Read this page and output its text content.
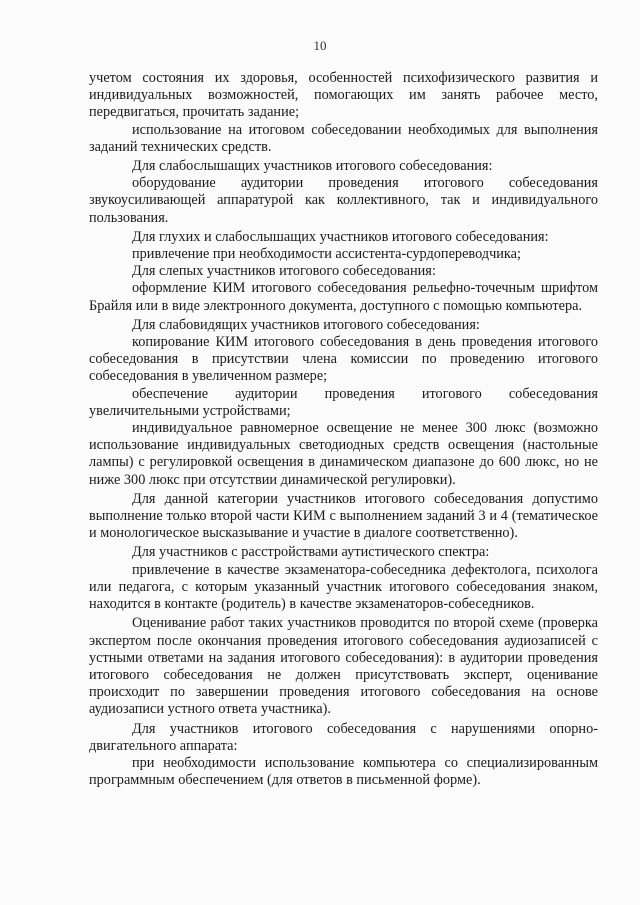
10

учетом состояния их здоровья, особенностей психофизического развития и индивидуальных возможностей, помогающих им занять рабочее место, передвигаться, прочитать задание;

использование на итоговом собеседовании необходимых для выполнения заданий технических средств.

Для слабослышащих участников итогового собеседования:

оборудование аудитории проведения итогового собеседования звукоусиливающей аппаратурой как коллективного, так и индивидуального пользования.

Для глухих и слабослышащих участников итогового собеседования:

привлечение при необходимости ассистента-сурдопереводчика;

Для слепых участников итогового собеседования:

оформление КИМ итогового собеседования рельефно-точечным шрифтом Брайля или в виде электронного документа, доступного с помощью компьютера.

Для слабовидящих участников итогового собеседования:

копирование КИМ итогового собеседования в день проведения итогового собеседования в присутствии члена комиссии по проведению итогового собеседования в увеличенном размере;

обеспечение аудитории проведения итогового собеседования увеличительными устройствами;

индивидуальное равномерное освещение не менее 300 люкс (возможно использование индивидуальных светодиодных средств освещения (настольные лампы) с регулировкой освещения в динамическом диапазоне до 600 люкс, но не ниже 300 люкс при отсутствии динамической регулировки).

Для данной категории участников итогового собеседования допустимо выполнение только второй части КИМ с выполнением заданий 3 и 4 (тематическое и монологическое высказывание и участие в диалоге соответственно).

Для участников с расстройствами аутистического спектра:

привлечение в качестве экзаменатора-собеседника дефектолога, психолога или педагога, с которым указанный участник итогового собеседования знаком, находится в контакте (родитель) в качестве экзаменаторов-собеседников.

Оценивание работ таких участников проводится по второй схеме (проверка экспертом после окончания проведения итогового собеседования аудиозаписей с устными ответами на задания итогового собеседования): в аудитории проведения итогового собеседования не должен присутствовать эксперт, оценивание происходит по завершении проведения итогового собеседования на основе аудиозаписи устного ответа участника).

Для участников итогового собеседования с нарушениями опорно-двигательного аппарата:

при необходимости использование компьютера со специализированным программным обеспечением (для ответов в письменной форме).
